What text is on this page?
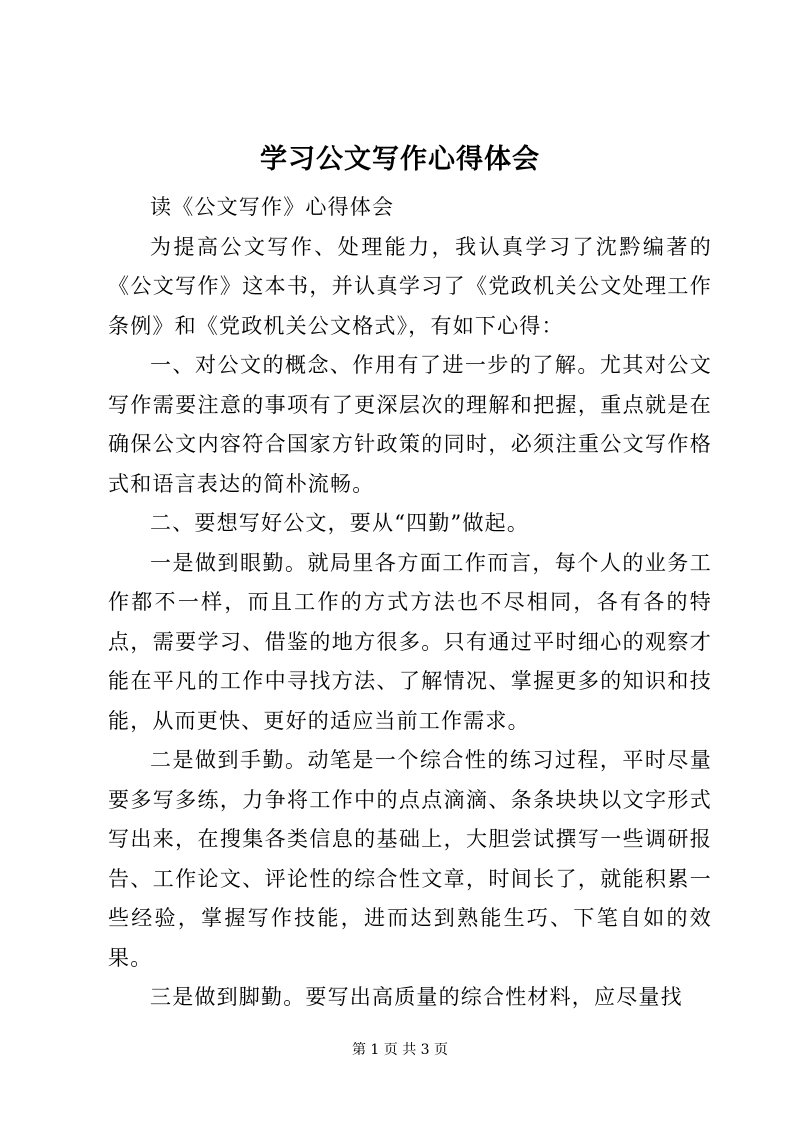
学习公文写作心得体会

读《公文写作》心得体会

为提高公文写作、处理能力，我认真学习了沈黔编著的《公文写作》这本书，并认真学习了《党政机关公文处理工作条例》和《党政机关公文格式》，有如下心得：

一、对公文的概念、作用有了进一步的了解。尤其对公文写作需要注意的事项有了更深层次的理解和把握，重点就是在确保公文内容符合国家方针政策的同时，必须注重公文写作格式和语言表达的简朴流畅。

二、要想写好公文，要从“四勤”做起。

一是做到眼勤。就局里各方面工作而言，每个人的业务工作都不一样，而且工作的方式方法也不尽相同，各有各的特点，需要学习、借鉴的地方很多。只有通过平时细心的观察才能在平凡的工作中寻找方法、了解情况、掌握更多的知识和技能，从而更快、更好的适应当前工作需求。

二是做到手勤。动笔是一个综合性的练习过程，平时尽量要多写多练，力争将工作中的点点滴滴、条条块块以文字形式写出来，在搜集各类信息的基础上，大胆尝试撰写一些调研报告、工作论文、评论性的综合性文章，时间长了，就能积累一些经验，掌握写作技能，进而达到熟能生巧、下笔自如的效果。

三是做到脚勤。要写出高质量的综合性材料，应尽量找

第 1 页 共 3 页
